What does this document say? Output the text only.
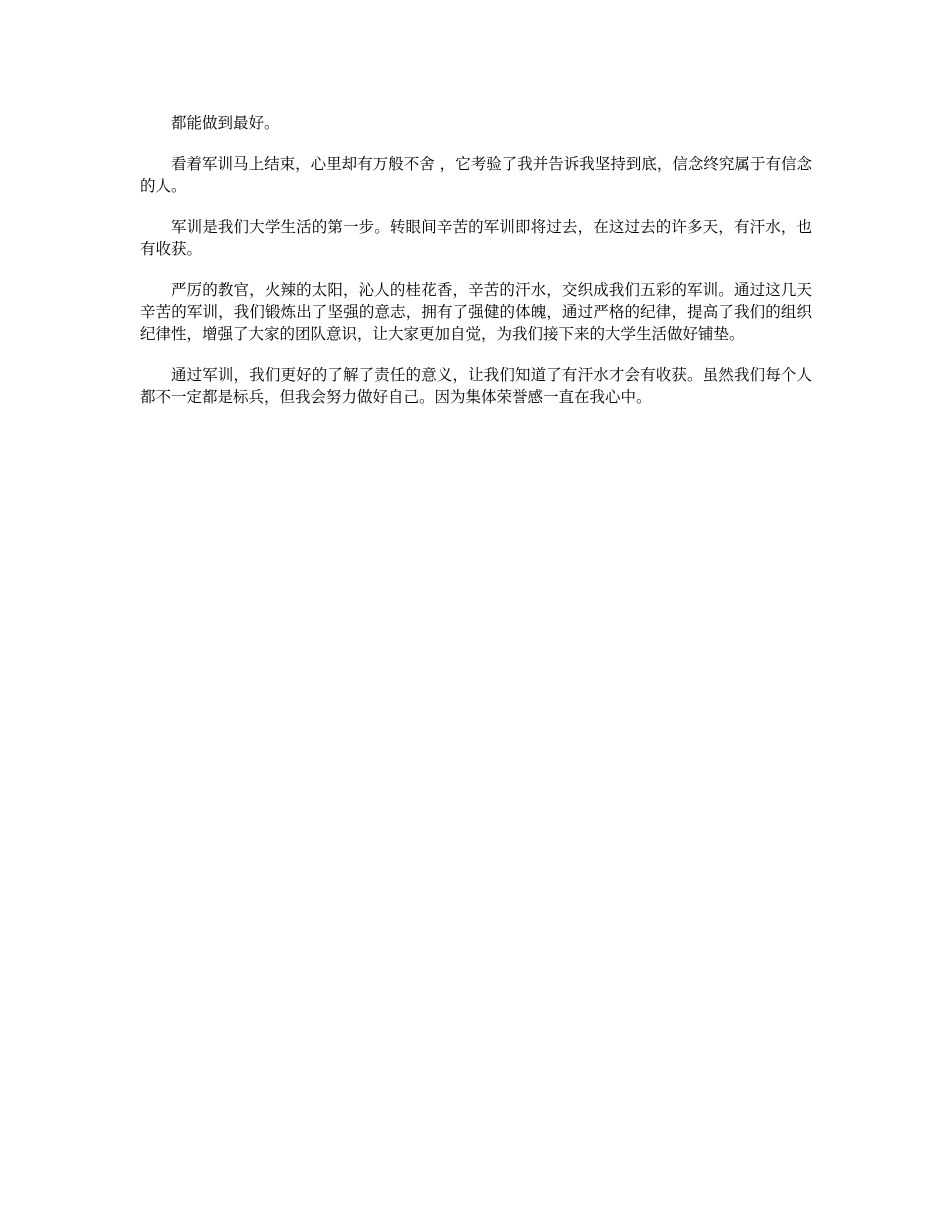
都能做到最好。

看着军训马上结束，心里却有万般不舍 ，它考验了我并告诉我坚持到底，信念终究属于有信念的人。

军训是我们大学生活的第一步。转眼间辛苦的军训即将过去，在这过去的许多天，有汗水，也有收获。

严厉的教官，火辣的太阳，沁人的桂花香，辛苦的汗水，交织成我们五彩的军训。通过这几天辛苦的军训，我们锻炼出了坚强的意志，拥有了强健的体魄，通过严格的纪律，提高了我们的组织纪律性，增强了大家的团队意识，让大家更加自觉，为我们接下来的大学生活做好铺垫。

通过军训，我们更好的了解了责任的意义，让我们知道了有汗水才会有收获。虽然我们每个人都不一定都是标兵，但我会努力做好自己。因为集体荣誉感一直在我心中。
